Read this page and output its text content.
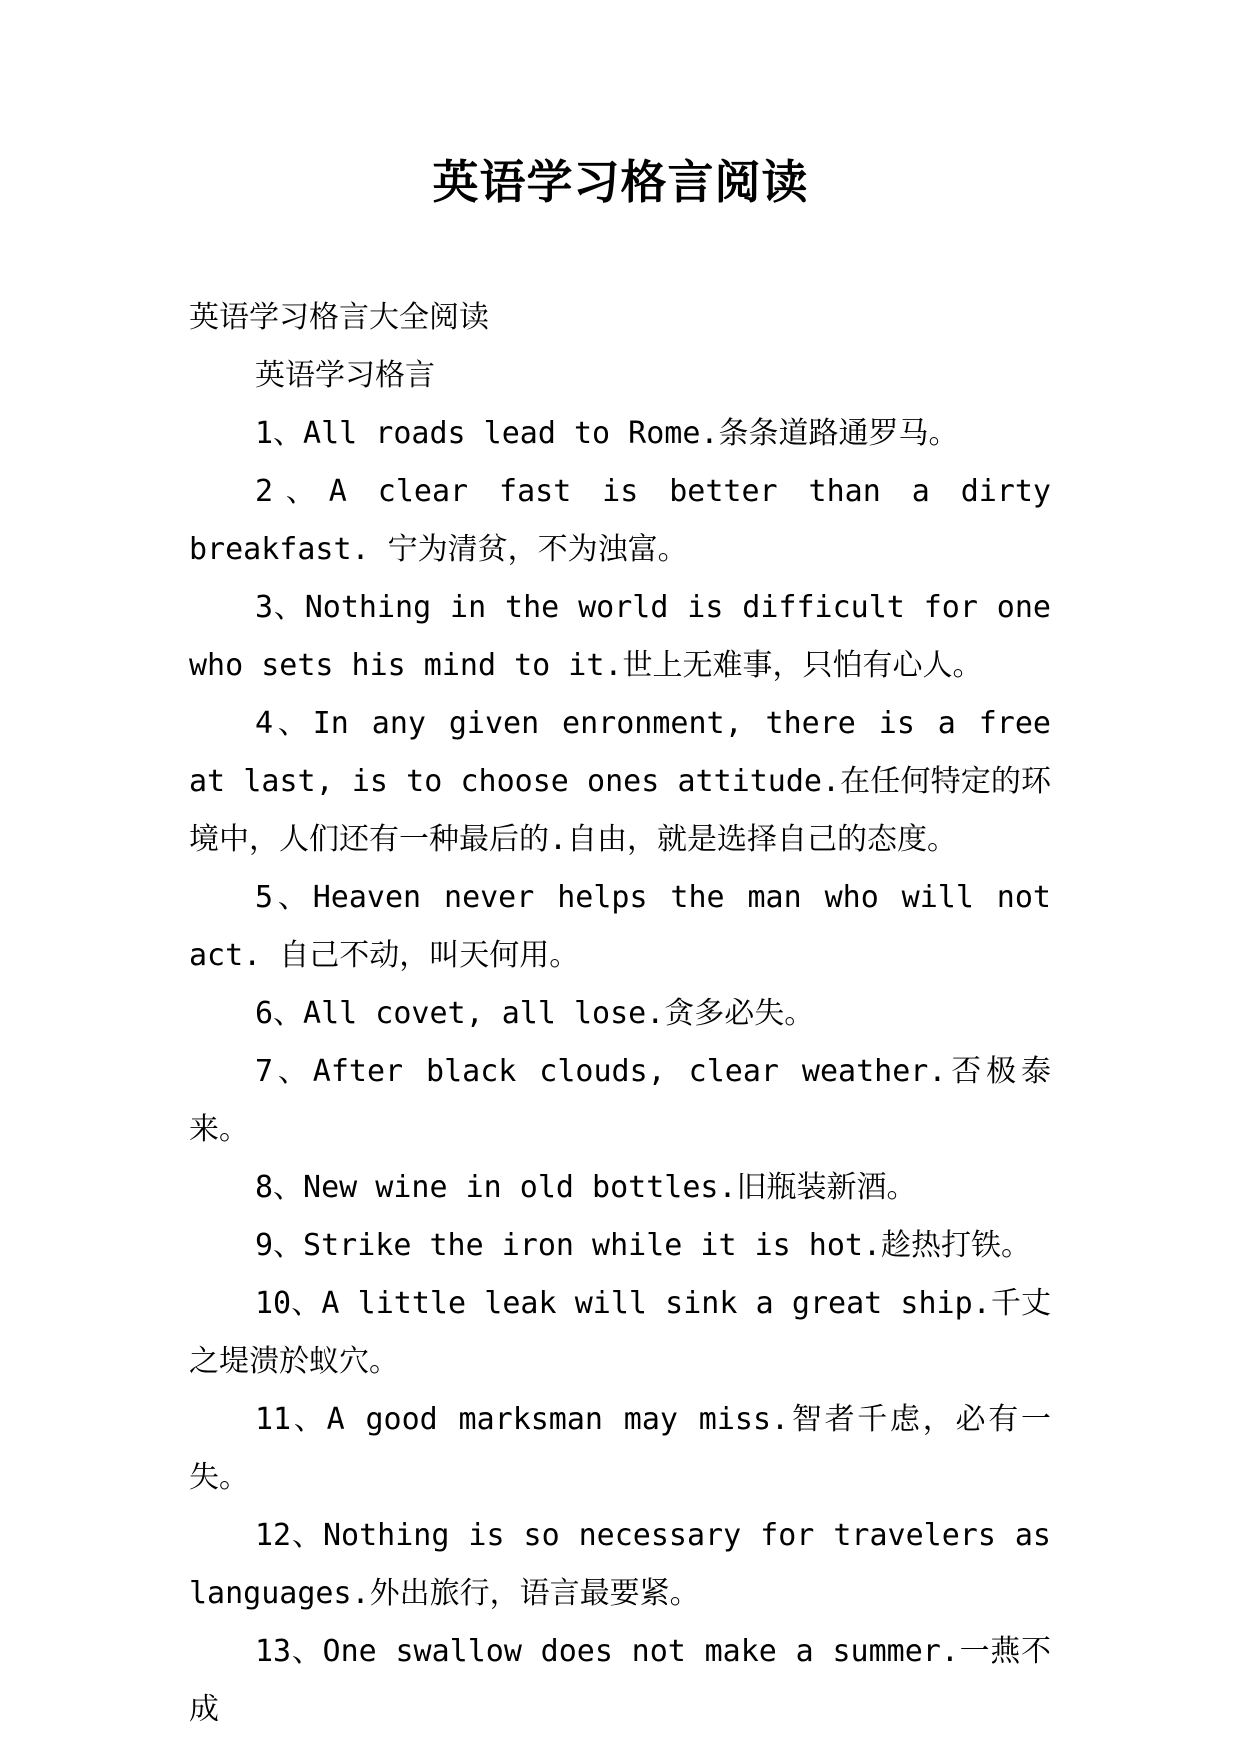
英语学习格言阅读

英语学习格言大全阅读

英语学习格言

1、All roads lead to Rome.条条道路通罗马。

2、A clear fast is better than a dirty breakfast. 宁为清贫，不为浊富。

3、Nothing in the world is difficult for one who sets his mind to it.世上无难事，只怕有心人。

4、In any given enronment, there is a free at last, is to choose ones attitude.在任何特定的环境中，人们还有一种最后的.自由，就是选择自己的态度。

5、Heaven never helps the man who will not act. 自己不动，叫天何用。

6、All covet, all lose.贪多必失。

7、After black clouds, clear weather.否极泰来。

8、New wine in old bottles.旧瓶装新酒。

9、Strike the iron while it is hot.趁热打铁。

10、A little leak will sink a great ship.千丈之堤溃於蚁穴。

11、A good marksman may miss.智者千虑，必有一失。

12、Nothing is so necessary for travelers as languages.外出旅行，语言最要紧。

13、One swallow does not make a summer.一燕不成
